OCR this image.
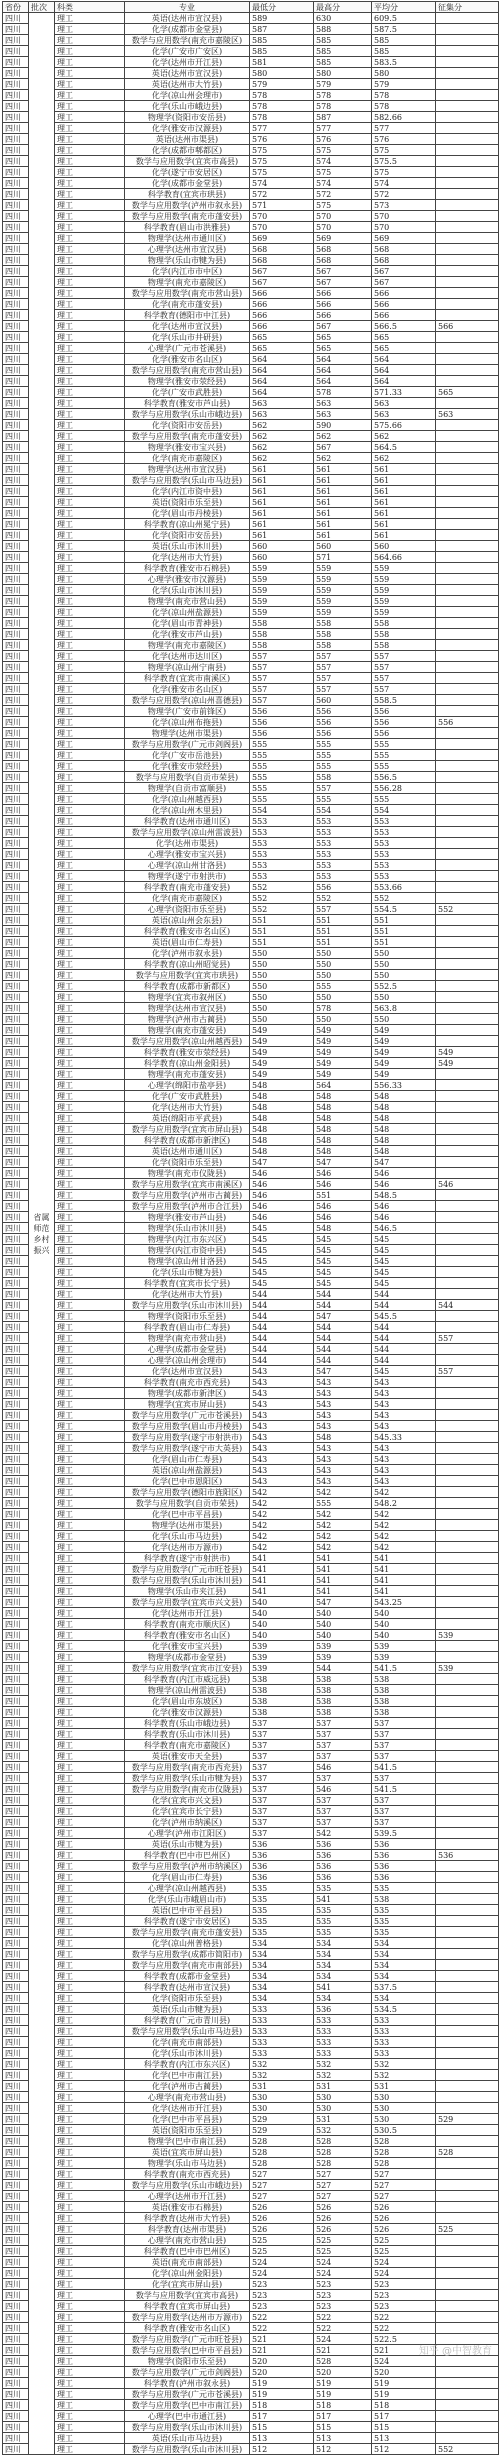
省份	批次	科类	专业	最低分	最高分	平均分	征集分
四川	省属师范乡村振兴	理工	英语(达州市宣汉县)	589	630	609.5	
四川		理工	化学(成都市金堂县)	587	588	587.5	
四川		理工	数学与应用数学(南充市嘉陵区)	585	585	585	
四川		理工	化学(广安市广安区)	585	585	585	
四川		理工	化学(达州市开江县)	581	585	583.5	
四川		理工	英语(达州市宣汉县)	580	580	580	
四川		理工	英语(达州市大竹县)	579	579	579	
四川		理工	化学(凉山州会理市)	578	578	578	
四川		理工	化学(乐山市峨边县)	578	578	578	
四川		理工	物理学(资阳市安岳县)	578	587	582.66	
四川		理工	化学(雅安市汉源县)	577	577	577	
四川		理工	英语(达州市渠县)	576	576	576	
四川		理工	化学(成都市郫都区)	575	575	575	
四川		理工	数学与应用数学(宜宾市高县)	575	574	575.5	
四川		理工	化学(遂宁市安居区)	575	575	575	
四川		理工	化学(成都市金堂县)	574	574	574	
四川		理工	科学教育(宜宾市珙县)	572	572	572	
四川		理工	数学与应用数学(泸州市叙永县)	571	575	573	
四川		理工	数学与应用数学(南充市蓬安县)	570	570	570	
四川		理工	科学教育(眉山市洪雅县)	570	570	570	
四川		理工	物理学(达州市通川区)	569	569	569	
四川		理工	心理学(达州市宣汉县)	568	568	568	
四川		理工	物理学(乐山市犍为县)	568	568	568	
四川		理工	化学(内江市市中区)	567	567	567	
四川		理工	物理学(南充市嘉陵区)	567	567	567	
四川		理工	数学与应用数学(南充市营山县)	566	566	566	
四川		理工	化学(南充市蓬安县)	566	566	566	
四川		理工	科学教育(德阳市中江县)	566	566	566	
四川		理工	化学(达州市宣汉县)	566	567	566.5	566
四川		理工	化学(乐山市井研县)	565	565	565	
四川		理工	心理学(广元市苍溪县)	565	565	565	
四川		理工	化学(雅安市名山区)	564	564	564	
四川		理工	数学与应用数学(南充市营山县)	564	564	564	
四川		理工	物理学(雅安市荥经县)	564	564	564	
四川		理工	化学(广安市武胜县)	564	578	571.33	565
四川		理工	科学教育(雅安市芦山县)	563	563	563	
四川		理工	数学与应用数学(乐山市峨边县)	563	563	563	563
四川		理工	化学(资阳市安岳县)	562	590	575.66	
四川		理工	数学与应用数学(南充市蓬安县)	562	562	562	
四川		理工	物理学(雅安市宝兴县)	562	567	564.5	
四川		理工	化学(南充市嘉陵区)	562	562	562	
四川		理工	物理学(达州市宣汉县)	561	561	561	
四川		理工	数学与应用数学(乐山市马边县)	561	561	561	
四川		理工	化学(内江市资中县)	561	561	561	
四川		理工	英语(资阳市乐至县)	561	561	561	
四川		理工	化学(眉山市丹棱县)	561	561	561	
四川		理工	科学教育(凉山州冕宁县)	561	561	561	
四川		理工	化学(资阳市安岳县)	561	561	561	
四川		理工	英语(乐山市沐川县)	560	560	560	
四川		理工	化学(达州市大竹县)	560	571	564.66	
四川		理工	科学教育(雅安市石棉县)	559	559	559	
四川		理工	心理学(雅安市汉源县)	559	559	559	
四川		理工	化学(乐山市沐川县)	559	559	559	
四川		理工	物理学(南充市营山县)	559	559	559	
四川		理工	化学(凉山州盐源县)	559	559	559	
四川		理工	化学(眉山市青神县)	558	558	558	
四川		理工	化学(雅安市芦山县)	558	558	558	
四川		理工	物理学(南充市嘉陵区)	558	558	558	
四川		理工	化学(达州市达川区)	557	557	557	
四川		理工	物理学(凉山州宁南县)	557	557	557	
四川		理工	科学教育(宜宾市南溪区)	557	557	557	
四川		理工	化学(雅安市名山区)	557	557	557	
四川		理工	数学与应用数学(凉山州喜德县)	557	560	558.5	
四川		理工	物理学(广安市前锋区)	556	556	556	
四川		理工	化学(凉山州布拖县)	556	556	556	556
四川		理工	物理学(达州市渠县)	556	556	556	
四川		理工	数学与应用数学(广元市剑阁县)	555	555	555	
四川		理工	化学(广安市岳池县)	555	555	555	
四川		理工	化学(雅安市荥经县)	555	555	555	
四川		理工	数学与应用数学(自贡市荣县)	555	558	556.5	
四川		理工	物理学(自贡市富顺县)	555	557	556.28	
四川		理工	化学(凉山州越西县)	555	555	555	
四川		理工	化学(凉山州木里县)	554	554	554	
四川		理工	科学教育(达州市通川区)	553	553	553	
四川		理工	数学与应用数学(凉山州雷波县)	553	553	553	
四川		理工	化学(达州市渠县)	553	553	553	
四川		理工	心理学(雅安市宝兴县)	553	553	553	
四川		理工	心理学(凉山州甘洛县)	553	553	553	
四川		理工	物理学(遂宁市射洪市)	553	553	553	
四川		理工	科学教育(南充市蓬安县)	552	556	553.66	
四川		理工	化学(南充市嘉陵区)	552	552	552	
四川		理工	心理学(资阳市乐至县)	552	557	554.5	552
四川		理工	英语(凉山州会东县)	551	551	551	
四川		理工	科学教育(雅安市名山区)	551	551	551	
四川		理工	英语(眉山市仁寿县)	551	551	551	
四川		理工	化学(泸州市叙永县)	550	550	550	
四川		理工	科学教育(凉山州昭觉县)	550	550	550	
四川		理工	数学与应用数学(宜宾市珙县)	550	550	550	
四川		理工	科学教育(成都市新都区)	550	555	552.5	
四川		理工	物理学(宜宾市叙州区)	550	550	550	
四川		理工	物理学(达州市宣汉县)	550	578	563.8	
四川		理工	物理学(泸州市古蔺县)	550	550	550	
四川		理工	物理学(南充市蓬安县)	549	549	549	
四川		理工	数学与应用数学(凉山州越西县)	549	549	549	
四川		理工	科学教育(雅安市荥经县)	549	549	549	549
四川		理工	科学教育(凉山州金阳县)	549	549	549	549
四川		理工	物理学(南充市蓬安县)	549	549	549	
四川		理工	心理学(绵阳市盐亭县)	548	564	556.33	
四川		理工	化学(广安市武胜县)	548	548	548	
四川		理工	化学(达州市大竹县)	548	548	548	
四川		理工	英语(绵阳市平武县)	548	548	548	
四川		理工	数学与应用数学(宜宾市屏山县)	548	548	548	
四川		理工	科学教育(成都市新津区)	548	548	548	
四川		理工	英语(达州市通川区)	548	548	548	
四川		理工	化学(资阳市乐至县)	547	547	547	
四川		理工	物理学(南充市仪陇县)	546	546	546	
四川		理工	数学与应用数学(宜宾市南溪区)	546	546	546	546
四川		理工	数学与应用数学(泸州市古蔺县)	546	551	548.5	
四川		理工	数学与应用数学(泸州市合江县)	546	546	546	
四川		理工	物理学(雅安市芦山县)	546	546	546	
四川		理工	物理学(乐山市沐川县)	545	548	546.5	
四川		理工	物理学(内江市东兴区)	545	545	545	
四川		理工	物理学(内江市资中县)	545	545	545	
四川		理工	物理学(凉山州甘洛县)	545	545	545	
四川		理工	化学(乐山市犍为县)	545	545	545	
四川		理工	科学教育(宜宾市长宁县)	545	545	545	
四川		理工	化学(达州市大竹县)	544	544	544	
四川		理工	数学与应用数学(乐山市沐川县)	544	544	544	544
四川		理工	物理学(资阳市乐至县)	544	547	545.5	
四川		理工	科学教育(眉山市仁寿县)	544	544	544	
四川		理工	物理学(南充市营山县)	544	544	544	557
四川		理工	心理学(成都市金堂县)	544	544	544	
四川		理工	心理学(凉山州会理市)	544	544	544	
四川		理工	化学(达州市宣汉县)	543	547	545	557
四川		理工	科学教育(南充市西充县)	543	543	543	
四川		理工	物理学(成都市新津区)	543	543	543	
四川		理工	物理学(宜宾市屏山县)	543	543	543	
四川		理工	数学与应用数学(广元市苍溪县)	543	543	543	
四川		理工	数学与应用数学(眉山市丹棱县)	543	543	543	
四川		理工	数学与应用数学(遂宁市射洪市)	543	548	545.33	
四川		理工	数学与应用数学(遂宁市大英县)	543	543	543	
四川		理工	化学(眉山市仁寿县)	543	543	543	
四川		理工	英语(凉山州盐源县)	543	543	543	
四川		理工	化学(巴中市恩阳区)	543	543	543	
四川		理工	数学与应用数学(德阳市旌阳区)	542	542	542	
四川		理工	数学与应用数学(自贡市荣县)	542	555	548.2	
四川		理工	化学(巴中市平昌县)	542	542	542	
四川		理工	物理学(达州市渠县)	542	542	542	
四川		理工	化学(乐山市马边县)	542	542	542	
四川		理工	化学(达州市万源市)	542	542	542	
四川		理工	科学教育(遂宁市射洪市)	541	541	541	
四川		理工	数学与应用数学(广元市旺苍县)	541	541	541	
四川		理工	数学与应用数学(乐山市沐川县)	541	541	541	
四川		理工	物理学(乐山市夹江县)	541	541	541	
四川		理工	数学与应用数学(宜宾市兴文县)	540	547	543.25	
四川		理工	化学(达州市开江县)	540	540	540	
四川		理工	科学教育(南充市顺庆区)	540	540	540	
四川		理工	科学教育(雅安市名山区)	540	540	540	539
四川		理工	化学(雅安市宝兴县)	539	539	539	
四川		理工	物理学(成都市金堂县)	539	539	539	
四川		理工	数学与应用数学(宜宾市江安县)	539	544	541.5	539
四川		理工	科学教育(内江市威远县)	538	538	538	
四川		理工	物理学(凉山州雷波县)	538	538	538	
四川		理工	化学(眉山市东坡区)	538	538	538	
四川		理工	化学(雅安市汉源县)	538	538	538	
四川		理工	科学教育(乐山市峨边县)	537	537	537	
四川		理工	科学教育(乐山市沐川县)	537	537	537	
四川		理工	科学教育(南充市嘉陵区)	537	537	537	
四川		理工	英语(雅安市天全县)	537	537	537	
四川		理工	数学与应用数学(南充市西充县)	537	546	541.5	
四川		理工	数学与应用数学(乐山市犍为县)	537	537	537	
四川		理工	数学与应用数学(南充市仪陇县)	537	546	541.5	
四川		理工	化学(宜宾市兴文县)	537	537	537	
四川		理工	化学(宜宾市长宁县)	537	537	537	
四川		理工	化学(泸州市纳溪区)	537	537	537	
四川		理工	心理学(泸州市江阳区)	537	542	539.5	
四川		理工	英语(乐山市犍为县)	536	536	536	
四川		理工	科学教育(巴中市巴州区)	536	536	536	536
四川		理工	数学与应用数学(泸州市纳溪区)	536	536	536	
四川		理工	化学(眉山市仁寿县)	536	536	536	
四川		理工	心理学(凉山州越西县)	535	535	535	
四川		理工	化学(乐山市峨眉山市)	535	541	538	
四川		理工	英语(巴中市平昌县)	535	535	535	
四川		理工	科学教育(遂宁市安居区)	535	535	535	
四川		理工	数学与应用数学(南充市蓬安县)	535	535	535	
四川		理工	化学(凉山州普格县)	534	534	534	
四川		理工	数学与应用数学(成都市简阳市)	534	534	534	
四川		理工	数学与应用数学(南充市南部县)	534	534	534	
四川		理工	科学教育(成都市金堂县)	534	534	534	
四川		理工	科学教育(达州市宣汉县)	534	541	537.5	
四川		理工	化学(资阳市乐至县)	534	534	534	
四川		理工	英语(乐山市犍为县)	533	536	534.5	
四川		理工	科学教育(广元市青川县)	533	533	533	
四川		理工	数学与应用数学(乐山市马边县)	533	533	533	
四川		理工	化学(南充市南部县)	533	533	533	
四川		理工	化学(乐山市沐川县)	533	533	533	
四川		理工	科学教育(内江市东兴区)	532	532	532	
四川		理工	化学(巴中市南江县)	532	532	532	
四川		理工	化学(泸州市古蔺县)	531	531	531	
四川		理工	心理学(南充市营山县)	530	530	530	
四川		理工	化学(达州市开江县)	530	530	530	
四川		理工	化学(巴中市平昌县)	529	531	530	529
四川		理工	英语(资阳市乐至县)	529	532	530.5	
四川		理工	物理学(巴中市南江县)	528	528	528	
四川		理工	英语(宜宾市屏山县)	528	528	528	528
四川		理工	物理学(乐山市马边县)	528	528	528	
四川		理工	科学教育(南充市西充县)	527	527	527	
四川		理工	数学与应用数学(乐山市峨边县)	527	527	527	
四川		理工	心理学(达州市开江县)	527	527	527	
四川		理工	英语(雅安市石棉县)	526	526	526	
四川		理工	科学教育(达州市大竹县)	526	526	526	
四川		理工	科学教育(达州市渠县)	526	526	526	525
四川		理工	心理学(南充市营山县)	525	525	525	
四川		理工	科学教育(巴中市巴州区)	525	525	525	
四川		理工	英语(南充市南部县)	524	524	524	
四川		理工	化学(凉山州金阳县)	524	524	524	
四川		理工	化学(宜宾市屏山县)	523	523	523	
四川		理工	数学与应用数学(宜宾市高县)	523	523	523	
四川		理工	科学教育(宜宾市屏山县)	523	523	523	
四川		理工	数学与应用数学(达州市万源市)	522	522	522	
四川		理工	科学教育(雅安市名山区)	522	522	522	
四川		理工	数学与应用数学(广元市旺苍县)	521	524	522.5	
四川		理工	数学与应用数学(巴中市平昌县)	521	521	521	
四川		理工	物理学(资阳市乐至县)	520	528	524	
四川		理工	数学与应用数学(广元市剑阁县)	520	520	520	
四川		理工	科学教育(泸州市叙永县)	519	519	519	
四川		理工	数学与应用数学(广元市苍溪县)	519	519	519	
四川		理工	数学与应用数学(巴中市南江县)	518	518	518	
四川		理工	心理学(巴中市通江县)	517	517	517	
四川		理工	数学与应用数学(乐山市沐川县)	515	515	515	
四川		理工	英语(乐山市马边县)	513	513	513	
四川		理工	数学与应用数学(乐山市沐川县)	512	512	512	552
知乎 @中智教育
